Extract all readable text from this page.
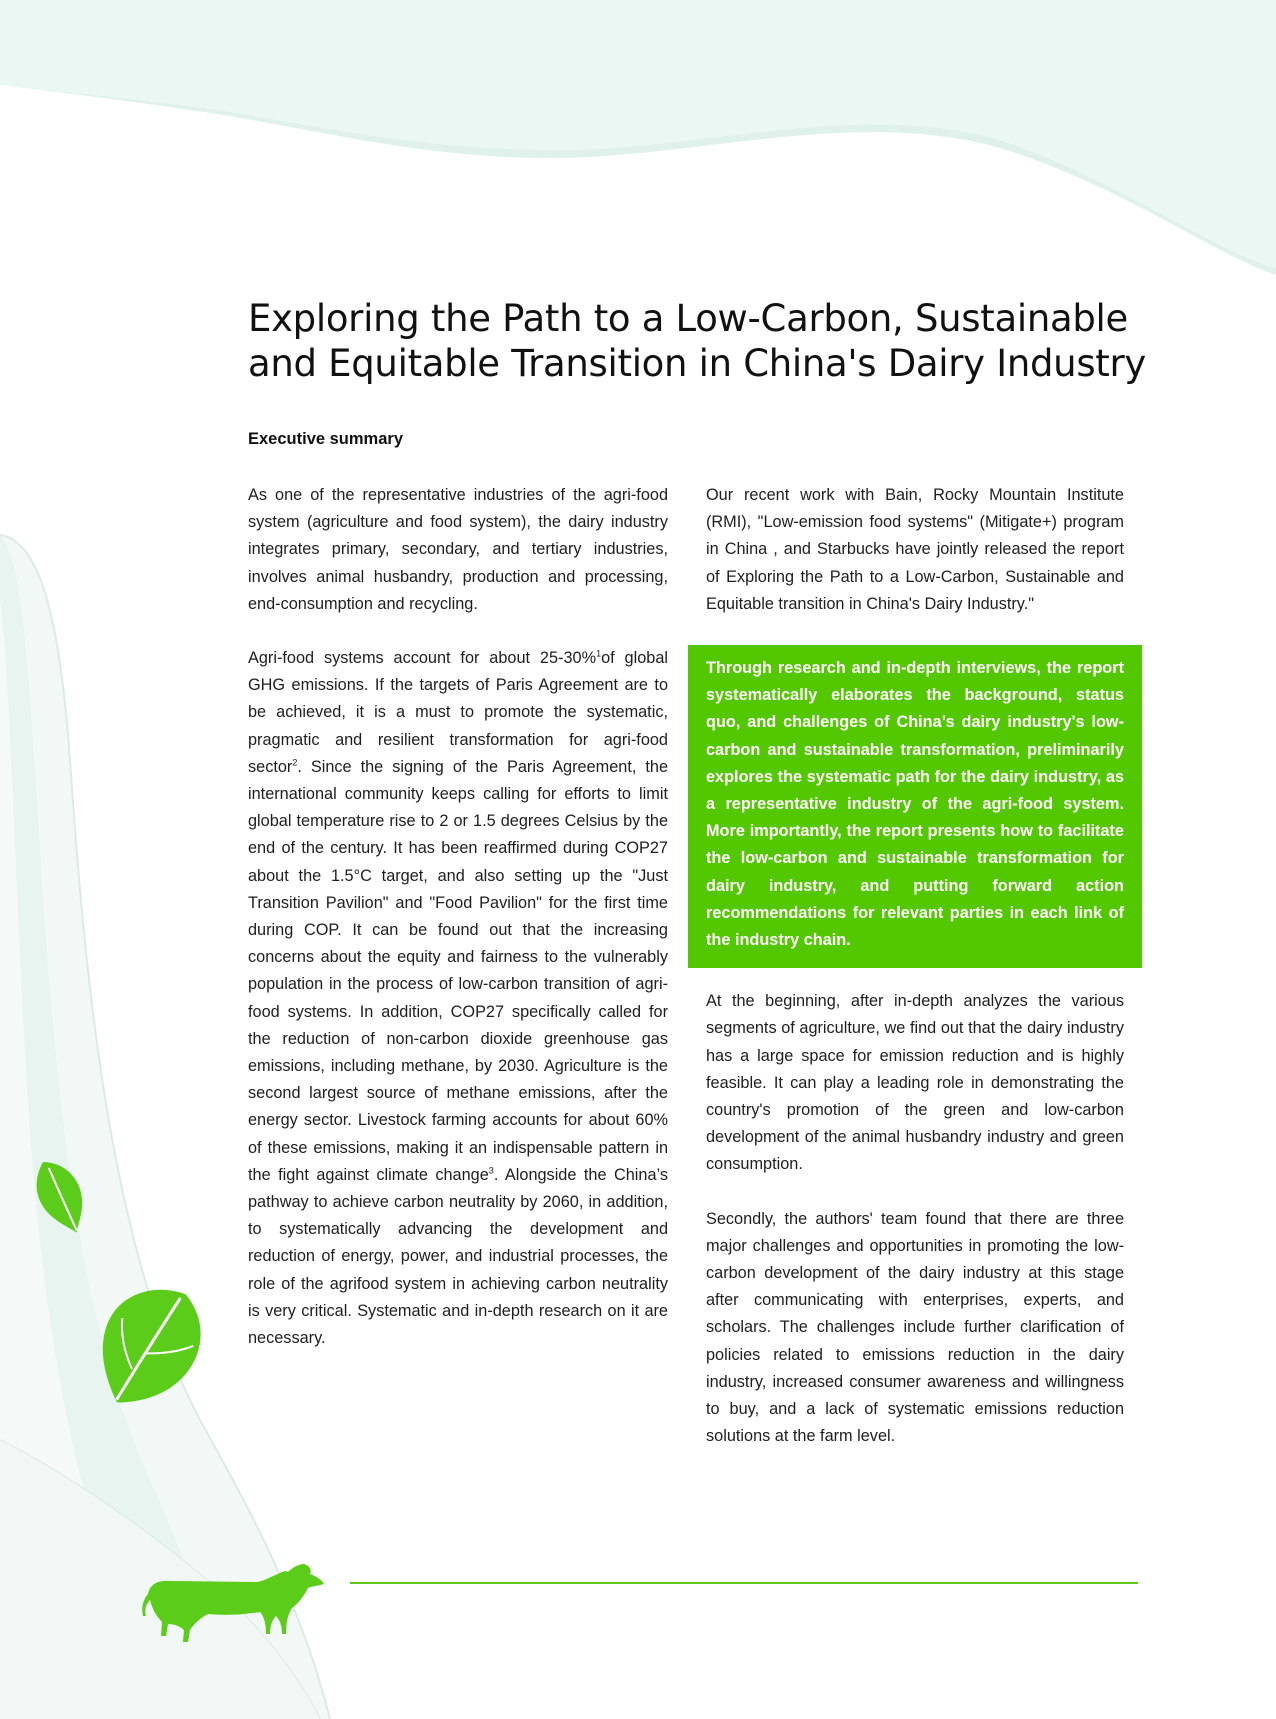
Exploring the Path to a Low-Carbon, Sustainable
and Equitable Transition in China's Dairy Industry
Executive summary

As one of the representative industries of the agri-food system (agriculture and food system), the dairy industry integrates primary, secondary, and tertiary industries, involves animal husbandry, production and processing, end-consumption and recycling.

Agri-food systems account for about 25-30%$^1$of global GHG emissions. If the targets of Paris Agreement are to be achieved, it is a must to promote the systematic, pragmatic and resilient transformation for agri-food sector$^2$. Since the signing of the Paris Agreement, the international community keeps calling for efforts to limit global temperature rise to 2 or 1.5 degrees Celsius by the end of the century. It has been reaffirmed during COP27 about the 1.5°C target, and also setting up the "Just Transition Pavilion" and "Food Pavilion" for the first time during COP. It can be found out that the increasing concerns about the equity and fairness to the vulnerably population in the process of low-carbon transition of agri-food systems. In addition, COP27 specifically called for the reduction of non-carbon dioxide greenhouse gas emissions, including methane, by 2030. Agriculture is the second largest source of methane emissions, after the energy sector. Livestock farming accounts for about 60% of these emissions, making it an indispensable pattern in the fight against climate change$^3$. Alongside the China’s pathway to achieve carbon neutrality by 2060, in addition, to systematically advancing the development and reduction of energy, power, and industrial processes, the role of the agrifood system in achieving carbon neutrality is very critical. Systematic and in-depth research on it are necessary.

Our recent work with Bain, Rocky Mountain Institute (RMI), "Low-emission food systems" (Mitigate+) program in China , and Starbucks have jointly released the report of Exploring the Path to a Low-Carbon, Sustainable and Equitable transition in China's Dairy Industry."

Through research and in-depth interviews, the report systematically elaborates the background, status quo, and challenges of China’s dairy industry's low-carbon and sustainable transformation, preliminarily explores the systematic path for the dairy industry, as a representative industry of the agri-food system. More importantly, the report presents how to facilitate the low-carbon and sustainable transformation for dairy industry, and putting forward action recommendations for relevant parties in each link of the industry chain.

At the beginning, after in-depth analyzes the various segments of agriculture, we find out that the dairy industry has a large space for emission reduction and is highly feasible. It can play a leading role in demonstrating the country's promotion of the green and low-carbon development of the animal husbandry industry and green consumption.

Secondly, the authors' team found that there are three major challenges and opportunities in promoting the low-carbon development of the dairy industry at this stage after communicating with enterprises, experts, and scholars. The challenges include further clarification of policies related to emissions reduction in the dairy industry, increased consumer awareness and willingness to buy, and a lack of systematic emissions reduction solutions at the farm level.
